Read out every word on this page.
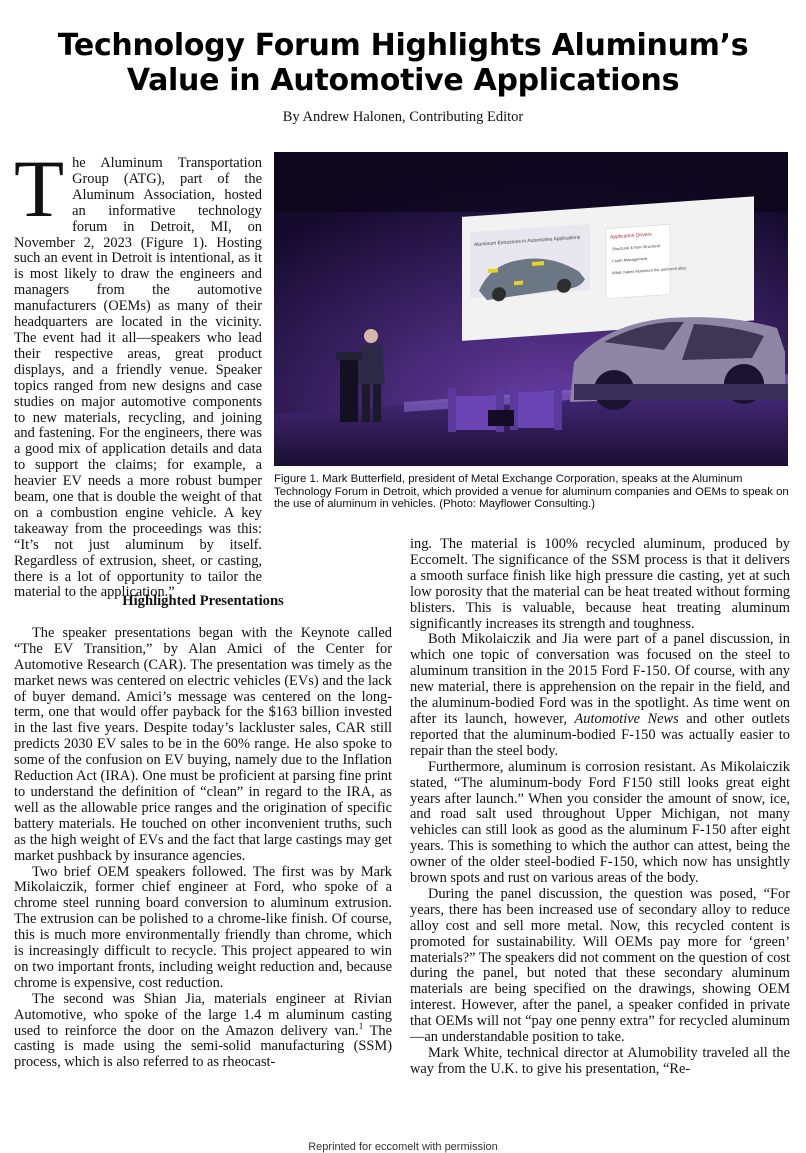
Technology Forum Highlights Aluminum’s Value in Automotive Applications
By Andrew Halonen, Contributing Editor
Aluminum Extrusions in Automotive Applications	Application Drivers
Structural & Non-Structural
Crash Management
What makes Aluminum the preferred alloy
Figure 1. Mark Butterfield, president of Metal Exchange Corporation, speaks at the Aluminum Technology Forum in Detroit, which provided a venue for aluminum companies and OEMs to speak on the use of aluminum in vehicles. (Photo: Mayflower Consulting.)
T he Aluminum Transportation Group (ATG), part of the Aluminum Association, hosted an informative technology forum in Detroit, MI, on November 2, 2023 (Figure 1). Hosting such an event in Detroit is intentional, as it is most likely to draw the engineers and managers from the automotive manufacturers (OEMs) as many of their headquarters are located in the vicinity. The event had it all—speakers who lead their respective areas, great product displays, and a friendly venue. Speaker topics ranged from new designs and case studies on major automotive components to new materials, recycling, and joining and fastening. For the engineers, there was a good mix of application details and data to support the claims; for example, a heavier EV needs a more robust bumper beam, one that is double the weight of that on a combustion engine vehicle. A key takeaway from the proceedings was this: “It’s not just aluminum by itself. Regardless of extrusion, sheet, or casting, there is a lot of opportunity to tailor the material to the application.”

Highlighted Presentations

The speaker presentations began with the Keynote called “The EV Transition,” by Alan Amici of the Center for Automotive Research (CAR). The presentation was timely as the market news was centered on electric vehicles (EVs) and the lack of buyer demand. Amici’s message was centered on the long-term, one that would offer payback for the $163 billion invested in the last five years. Despite today’s lackluster sales, CAR still predicts 2030 EV sales to be in the 60% range. He also spoke to some of the confusion on EV buying, namely due to the Inflation Reduction Act (IRA). One must be proficient at parsing fine print to understand the definition of “clean” in regard to the IRA, as well as the allowable price ranges and the origination of specific battery materials. He touched on other inconvenient truths, such as the high weight of EVs and the fact that large castings may get market pushback by insurance agencies.

Two brief OEM speakers followed. The first was by Mark Mikolaiczik, former chief engineer at Ford, who spoke of a chrome steel running board conversion to aluminum extrusion. The extrusion can be polished to a chrome-like finish. Of course, this is much more environmentally friendly than chrome, which is increasingly difficult to recycle. This project appeared to win on two important fronts, including weight reduction and, because chrome is expensive, cost reduction.

The second was Shian Jia, materials engineer at Rivian Automotive, who spoke of the large 1.4 m aluminum casting used to reinforce the door on the Amazon delivery van.$^1$ The casting is made using the semi-solid manufacturing (SSM) process, which is also referred to as rheocast-

ing. The material is 100% recycled aluminum, produced by Eccomelt. The significance of the SSM process is that it delivers a smooth surface finish like high pressure die casting, yet at such low porosity that the material can be heat treated without forming blisters. This is valuable, because heat treating aluminum significantly increases its strength and toughness.

Both Mikolaiczik and Jia were part of a panel discussion, in which one topic of conversation was focused on the steel to aluminum transition in the 2015 Ford F-150. Of course, with any new material, there is apprehension on the repair in the field, and the aluminum-bodied Ford was in the spotlight. As time went on after its launch, however, Automotive News and other outlets reported that the aluminum-bodied F-150 was actually easier to repair than the steel body.

Furthermore, aluminum is corrosion resistant. As Mikolaiczik stated, “The aluminum-body Ford F150 still looks great eight years after launch.” When you consider the amount of snow, ice, and road salt used throughout Upper Michigan, not many vehicles can still look as good as the aluminum F-150 after eight years. This is something to which the author can attest, being the owner of the older steel-bodied F-150, which now has unsightly brown spots and rust on various areas of the body.

During the panel discussion, the question was posed, “For years, there has been increased use of secondary alloy to reduce alloy cost and sell more metal. Now, this recycled content is promoted for sustainability. Will OEMs pay more for ‘green’ materials?” The speakers did not comment on the question of cost during the panel, but noted that these secondary aluminum materials are being specified on the drawings, showing OEM interest. However, after the panel, a speaker confided in private that OEMs will not “pay one penny extra” for recycled aluminum—an understandable position to take.

Mark White, technical director at Alumobility traveled all the way from the U.K. to give his presentation, “Re-

Reprinted for eccomelt with permission
